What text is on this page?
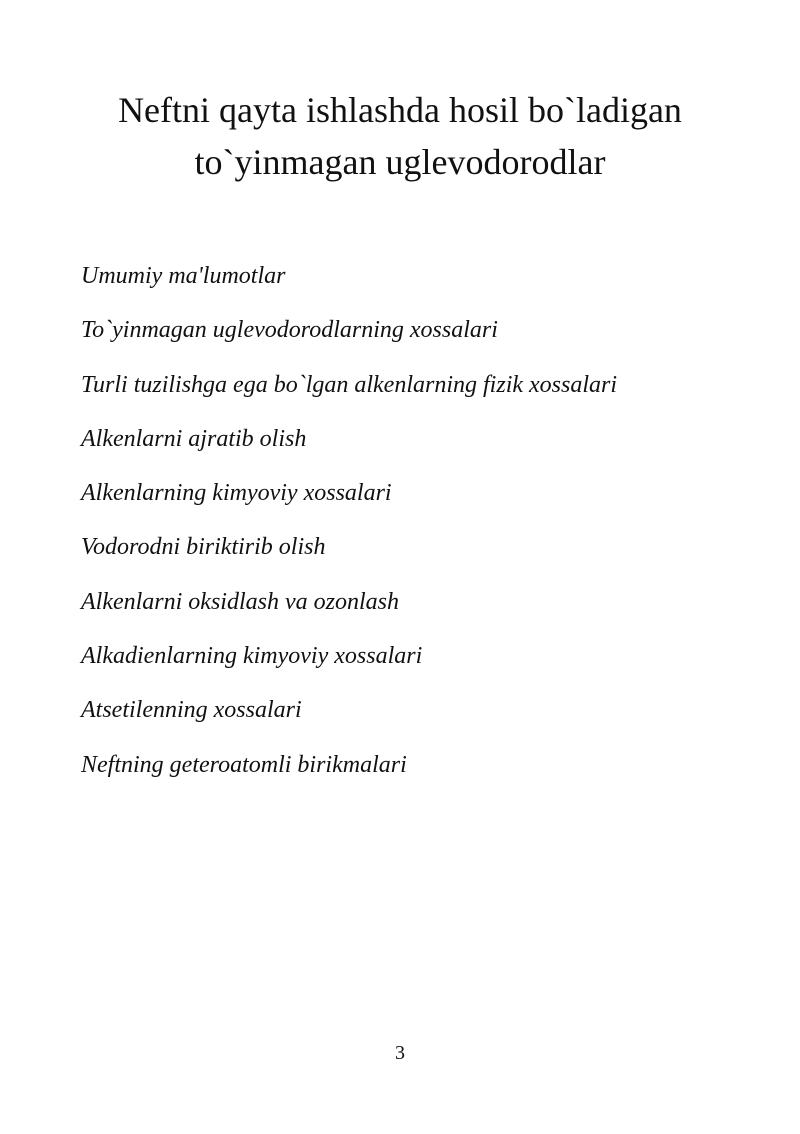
Neftni qayta ishlashda hosil bo`ladigan
to`yinmagan uglevodorodlar
Umumiy ma'lumotlar
To`yinmagan uglevodorodlarning xossalari
Turli tuzilishga ega bo`lgan alkenlarning fizik xossalari
Alkenlarni ajratib olish
Alkenlarning kimyoviy xossalari
Vodorodni biriktirib olish
Alkenlarni oksidlash va ozonlash
Alkadienlarning kimyoviy xossalari
Atsetilenning xossalari
Neftning geteroatomli birikmalari
3
